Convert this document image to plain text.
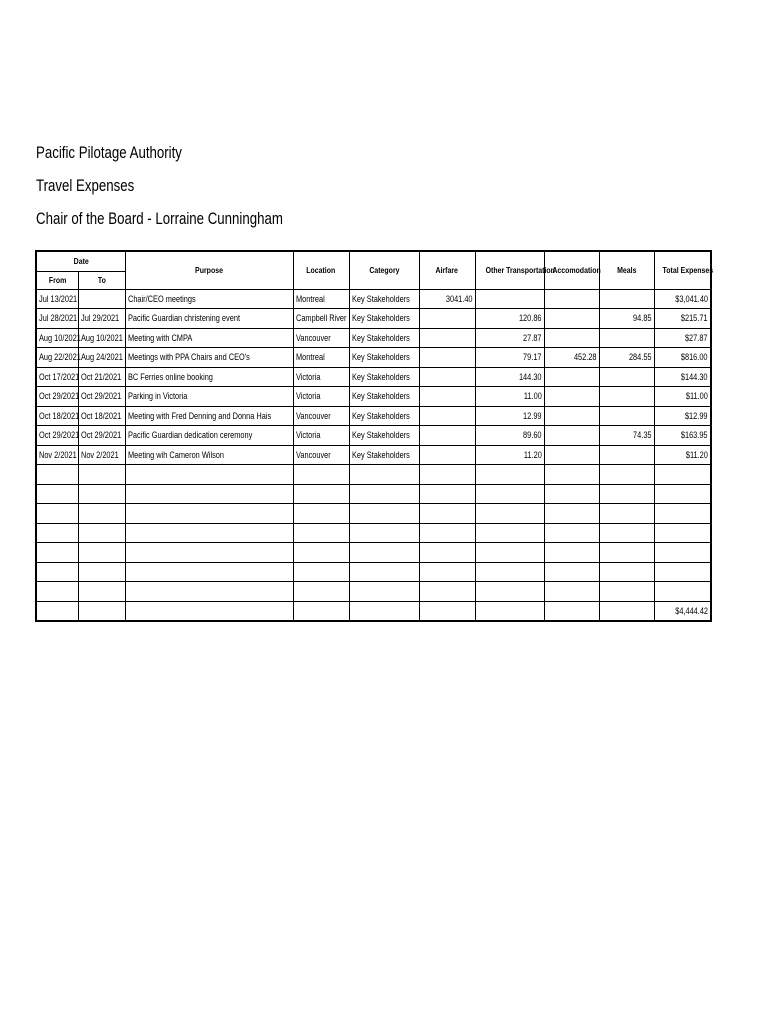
Pacific Pilotage Authority
Travel Expenses
Chair of the Board - Lorraine Cunningham
Date		Purpose	Location	Category	Airfare	Other Transportation	Accomodation	Meals	Total Expenses
From	To								
Jul 13/2021		Chair/CEO meetings	Montreal	Key Stakeholders	3041.40				$3,041.40
Jul 28/2021	Jul 29/2021	Pacific Guardian christening event	Campbell River	Key Stakeholders		120.86		94.85	$215.71
Aug 10/2021	Aug 10/2021	Meeting with CMPA	Vancouver	Key Stakeholders		27.87			$27.87
Aug 22/2021	Aug 24/2021	Meetings with PPA Chairs and CEO's	Montreal	Key Stakeholders		79.17	452.28	284.55	$816.00
Oct 17/2021	Oct 21/2021	BC Ferries online booking	Victoria	Key Stakeholders		144.30			$144.30
Oct 29/2021	Oct 29/2021	Parking in Victoria	Victoria	Key Stakeholders		11.00			$11.00
Oct 18/2021	Oct 18/2021	Meeting with Fred Denning and Donna Hais	Vancouver	Key Stakeholders		12.99			$12.99
Oct 29/2021	Oct 29/2021	Pacific Guardian dedication ceremony	Victoria	Key Stakeholders		89.60		74.35	$163.95
Nov 2/2021	Nov 2/2021	Meeting wih Cameron Wilson	Vancouver	Key Stakeholders		11.20			$11.20

									$4,444.42
